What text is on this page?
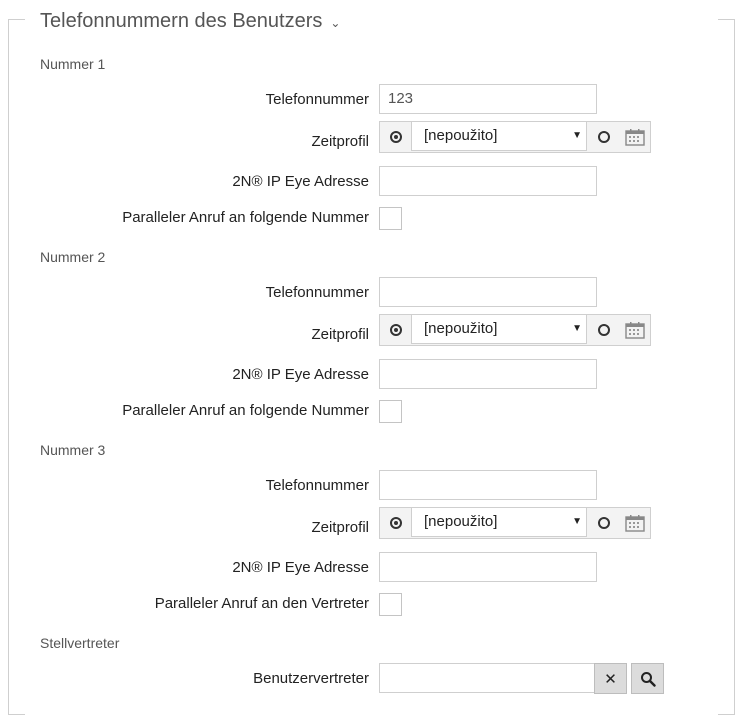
Telefonnummern des Benutzers ⌄
Nummer 1
Telefonnummer	123
Zeitprofil	[nepoužito]	▼
2N® IP Eye Adresse
Paralleler Anruf an folgende Nummer
Nummer 2
Telefonnummer
Zeitprofil	[nepoužito]	▼
2N® IP Eye Adresse
Paralleler Anruf an folgende Nummer
Nummer 3
Telefonnummer
Zeitprofil	[nepoužito]	▼
2N® IP Eye Adresse
Paralleler Anruf an den Vertreter
Stellvertreter
Benutzervertreter	✕
